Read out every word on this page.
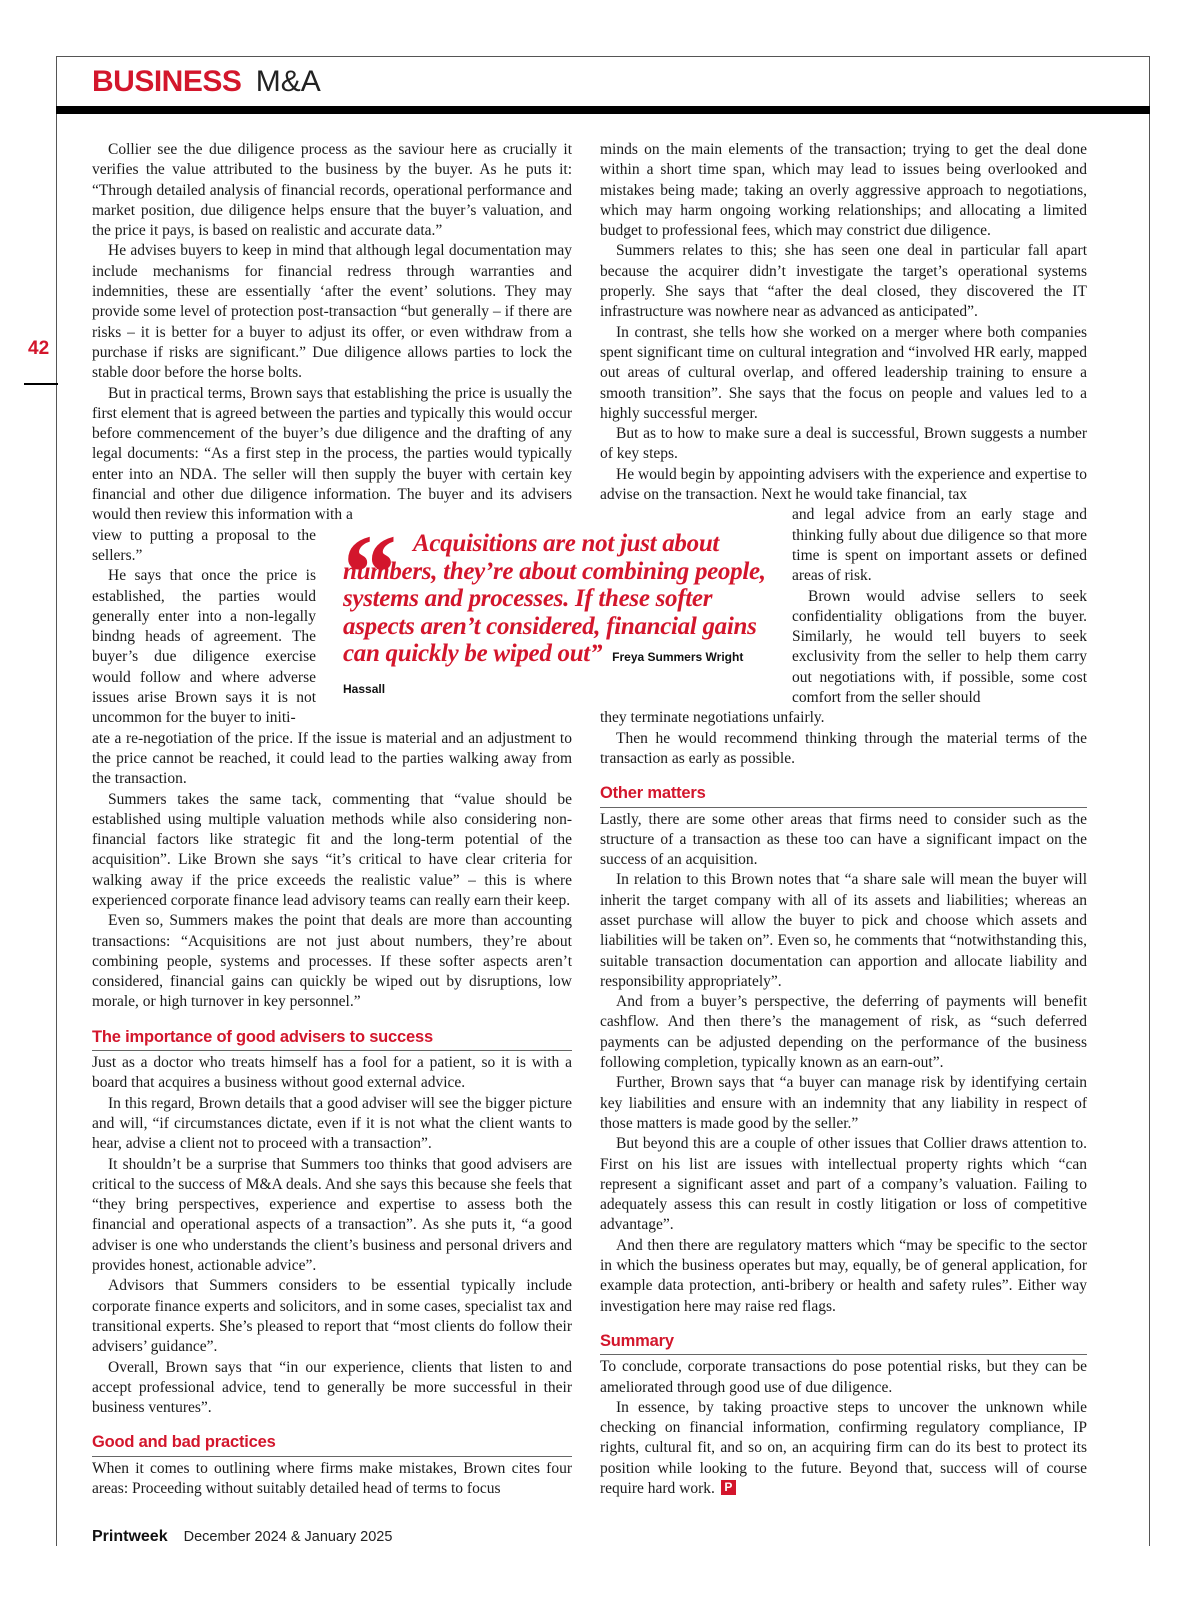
BUSINESS M&A
42

Collier see the due diligence process as the saviour here as crucially it verifies the value attributed to the business by the buyer. As he puts it: “Through detailed analysis of financial records, operational performance and market position, due diligence helps ensure that the buyer’s valuation, and the price it pays, is based on realistic and accurate data.”

He advises buyers to keep in mind that although legal documentation may include mechanisms for financial redress through warranties and indemnities, these are essentially ‘after the event’ solutions. They may provide some level of protection post-transaction “but generally – if there are risks – it is better for a buyer to adjust its offer, or even withdraw from a purchase if risks are significant.” Due diligence allows parties to lock the stable door before the horse bolts.

But in practical terms, Brown says that establishing the price is usually the first element that is agreed between the parties and typically this would occur before commencement of the buyer’s due diligence and the drafting of any legal documents: “As a first step in the process, the parties would typically enter into an NDA. The seller will then supply the buyer with certain key financial and other due diligence information. The buyer and its advisers would then review this information with a

view to putting a proposal to the sellers.”

He says that once the price is established, the parties would generally enter into a non-legally bindng heads of agreement. The buyer’s due diligence exercise would follow and where adverse issues arise Brown says it is not uncommon for the buyer to initi-

ate a re-negotiation of the price. If the issue is material and an adjustment to the price cannot be reached, it could lead to the parties walking away from the transaction.

Summers takes the same tack, commenting that “value should be established using multiple valuation methods while also considering non-financial factors like strategic fit and the long-term potential of the acquisition”. Like Brown she says “it’s critical to have clear criteria for walking away if the price exceeds the realistic value” – this is where experienced corporate finance lead advisory teams can really earn their keep.

Even so, Summers makes the point that deals are more than accounting transactions: “Acquisitions are not just about numbers, they’re about combining people, systems and processes. If these softer aspects aren’t considered, financial gains can quickly be wiped out by disruptions, low morale, or high turnover in key personnel.”

The importance of good advisers to success

Just as a doctor who treats himself has a fool for a patient, so it is with a board that acquires a business without good external advice.

In this regard, Brown details that a good adviser will see the bigger picture and will, “if circumstances dictate, even if it is not what the client wants to hear, advise a client not to proceed with a transaction”.

It shouldn’t be a surprise that Summers too thinks that good advisers are critical to the success of M&A deals. And she says this because she feels that “they bring perspectives, experience and expertise to assess both the financial and operational aspects of a transaction”. As she puts it, “a good adviser is one who understands the client’s business and personal drivers and provides honest, actionable advice”.

Advisors that Summers considers to be essential typically include corporate finance experts and solicitors, and in some cases, specialist tax and transitional experts. She’s pleased to report that “most clients do follow their advisers’ guidance”.

Overall, Brown says that “in our experience, clients that listen to and accept professional advice, tend to generally be more successful in their business ventures”.

Good and bad practices

When it comes to outlining where firms make mistakes, Brown cites four areas: Proceeding without suitably detailed head of terms to focus

“ Acquisitions are not just about numbers, they’re about combining people, systems and processes. If these softer aspects aren’t considered, financial gains can quickly be wiped out” Freya Summers Wright Hassall

minds on the main elements of the transaction; trying to get the deal done within a short time span, which may lead to issues being overlooked and mistakes being made; taking an overly aggressive approach to negotiations, which may harm ongoing working relationships; and allocating a limited budget to professional fees, which may constrict due diligence.

Summers relates to this; she has seen one deal in particular fall apart because the acquirer didn’t investigate the target’s operational systems properly. She says that “after the deal closed, they discovered the IT infrastructure was nowhere near as advanced as anticipated”.

In contrast, she tells how she worked on a merger where both companies spent significant time on cultural integration and “involved HR early, mapped out areas of cultural overlap, and offered leadership training to ensure a smooth transition”. She says that the focus on people and values led to a highly successful merger.

But as to how to make sure a deal is successful, Brown suggests a number of key steps.

He would begin by appointing advisers with the experience and expertise to advise on the transaction. Next he would take financial, tax

and legal advice from an early stage and thinking fully about due diligence so that more time is spent on important assets or defined areas of risk.

Brown would advise sellers to seek confidentiality obligations from the buyer. Similarly, he would tell buyers to seek exclusivity from the seller to help them carry out negotiations with, if possible, some cost comfort from the seller should

they terminate negotiations unfairly.

Then he would recommend thinking through the material terms of the transaction as early as possible.

Other matters

Lastly, there are some other areas that firms need to consider such as the structure of a transaction as these too can have a significant impact on the success of an acquisition.

In relation to this Brown notes that “a share sale will mean the buyer will inherit the target company with all of its assets and liabilities; whereas an asset purchase will allow the buyer to pick and choose which assets and liabilities will be taken on”. Even so, he comments that “notwithstanding this, suitable transaction documentation can apportion and allocate liability and responsibility appropriately”.

And from a buyer’s perspective, the deferring of payments will benefit cashflow. And then there’s the management of risk, as “such deferred payments can be adjusted depending on the performance of the business following completion, typically known as an earn-out”.

Further, Brown says that “a buyer can manage risk by identifying certain key liabilities and ensure with an indemnity that any liability in respect of those matters is made good by the seller.”

But beyond this are a couple of other issues that Collier draws attention to. First on his list are issues with intellectual property rights which “can represent a significant asset and part of a company’s valuation. Failing to adequately assess this can result in costly litigation or loss of competitive advantage”.

And then there are regulatory matters which “may be specific to the sector in which the business operates but may, equally, be of general application, for example data protection, anti-bribery or health and safety rules”. Either way investigation here may raise red flags.

Summary

To conclude, corporate transactions do pose potential risks, but they can be ameliorated through good use of due diligence.

In essence, by taking proactive steps to uncover the unknown while checking on financial information, confirming regulatory compliance, IP rights, cultural fit, and so on, an acquiring firm can do its best to protect its position while looking to the future. Beyond that, success will of course require hard work. P

Printweek December 2024 & January 2025
